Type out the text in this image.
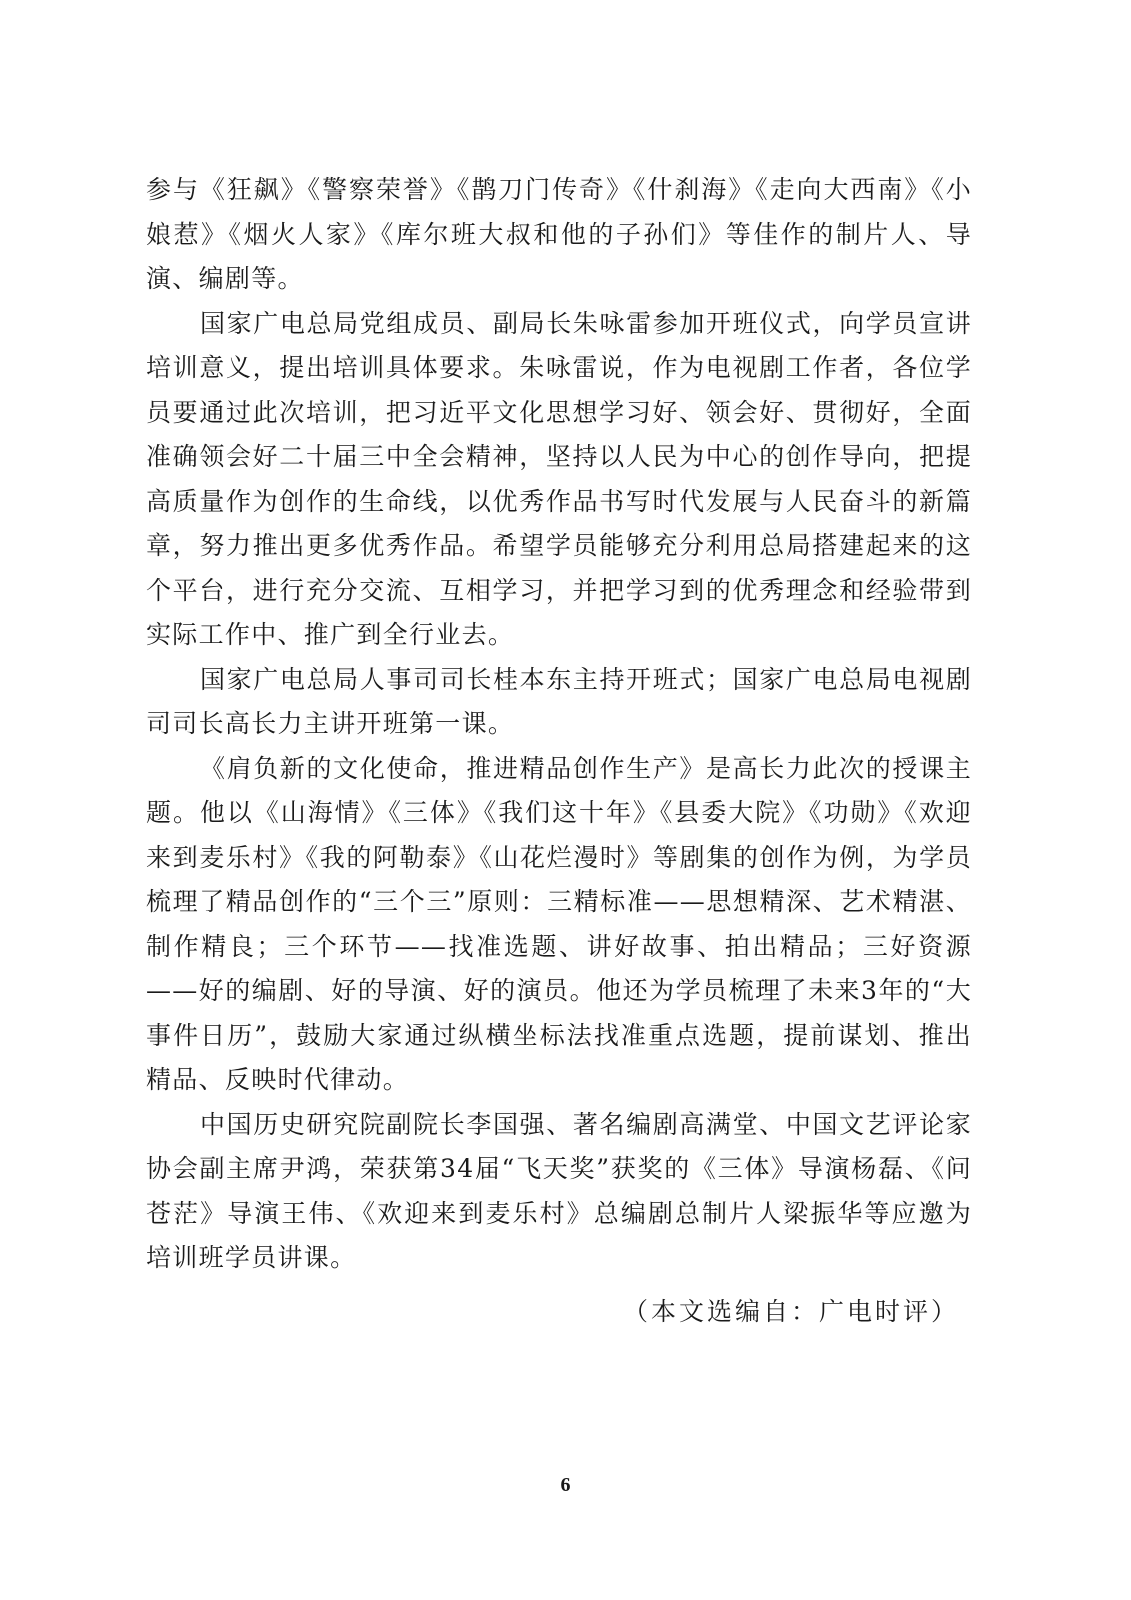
参与《狂飙》《警察荣誉》《鹊刀门传奇》《什刹海》《走向大西南》《小娘惹》《烟火人家》《库尔班大叔和他的子孙们》等佳作的制片人、导演、编剧等。

国家广电总局党组成员、副局长朱咏雷参加开班仪式，向学员宣讲培训意义，提出培训具体要求。朱咏雷说，作为电视剧工作者，各位学员要通过此次培训，把习近平文化思想学习好、领会好、贯彻好，全面准确领会好二十届三中全会精神，坚持以人民为中心的创作导向，把提高质量作为创作的生命线，以优秀作品书写时代发展与人民奋斗的新篇章，努力推出更多优秀作品。希望学员能够充分利用总局搭建起来的这个平台，进行充分交流、互相学习，并把学习到的优秀理念和经验带到实际工作中、推广到全行业去。

国家广电总局人事司司长桂本东主持开班式；国家广电总局电视剧司司长高长力主讲开班第一课。

《肩负新的文化使命，推进精品创作生产》是高长力此次的授课主题。他以《山海情》《三体》《我们这十年》《县委大院》《功勋》《欢迎来到麦乐村》《我的阿勒泰》《山花烂漫时》等剧集的创作为例，为学员梳理了精品创作的“三个三”原则：三精标准——思想精深、艺术精湛、制作精良；三个环节——找准选题、讲好故事、拍出精品；三好资源——好的编剧、好的导演、好的演员。他还为学员梳理了未来3年的“大事件日历”，鼓励大家通过纵横坐标法找准重点选题，提前谋划、推出精品、反映时代律动。

中国历史研究院副院长李国强、著名编剧高满堂、中国文艺评论家协会副主席尹鸿，荣获第34届“飞天奖”获奖的《三体》导演杨磊、《问苍茫》导演王伟、《欢迎来到麦乐村》总编剧总制片人梁振华等应邀为培训班学员讲课。

（本文选编自：广电时评）

6
